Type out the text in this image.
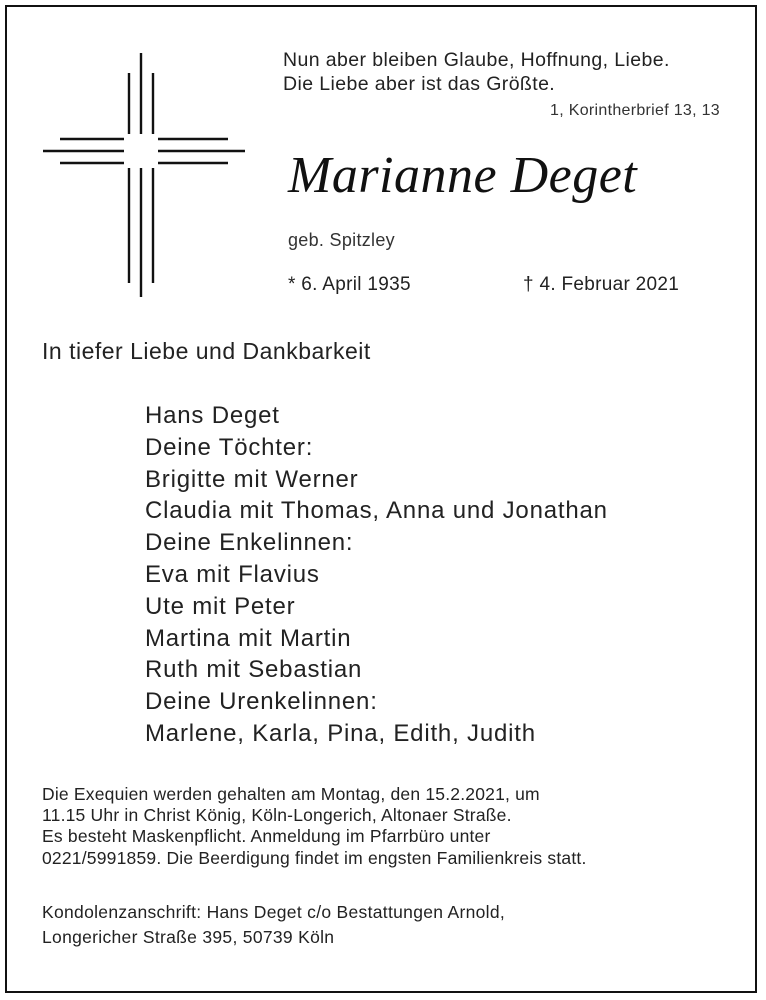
Nun aber bleiben Glaube, Hoffnung, Liebe.
Die Liebe aber ist das Größte.
1, Korintherbrief 13, 13
Marianne Deget
geb. Spitzley
* 6. April 1935	† 4. Februar 2021
In tiefer Liebe und Dankbarkeit
Hans Deget
Deine Töchter:
Brigitte mit Werner
Claudia mit Thomas, Anna und Jonathan
Deine Enkelinnen:
Eva mit Flavius
Ute mit Peter
Martina mit Martin
Ruth mit Sebastian
Deine Urenkelinnen:
Marlene, Karla, Pina, Edith, Judith
Die Exequien werden gehalten am Montag, den 15.2.2021, um
11.15 Uhr in Christ König, Köln-Longerich, Altonaer Straße.
Es besteht Maskenpflicht. Anmeldung im Pfarrbüro unter
0221/5991859. Die Beerdigung findet im engsten Familienkreis statt.
Kondolenzanschrift: Hans Deget c/o Bestattungen Arnold,
Longericher Straße 395, 50739 Köln
